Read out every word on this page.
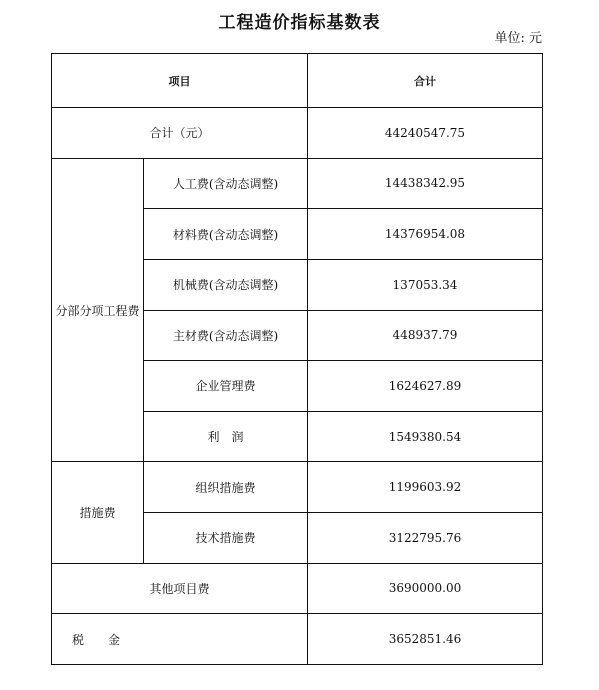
工程造价指标基数表
单位: 元
项目		合计
合计（元）		44240547.75
分部分项工程费	人工费(含动态调整)	14438342.95
	材料费(含动态调整)	14376954.08
	机械费(含动态调整)	137053.34
	主材费(含动态调整)	448937.79
	企业管理费	1624627.89
	利　润	1549380.54
措施费	组织措施费	1199603.92
	技术措施费	3122795.76
其他项目费		3690000.00
税　　金		3652851.46
